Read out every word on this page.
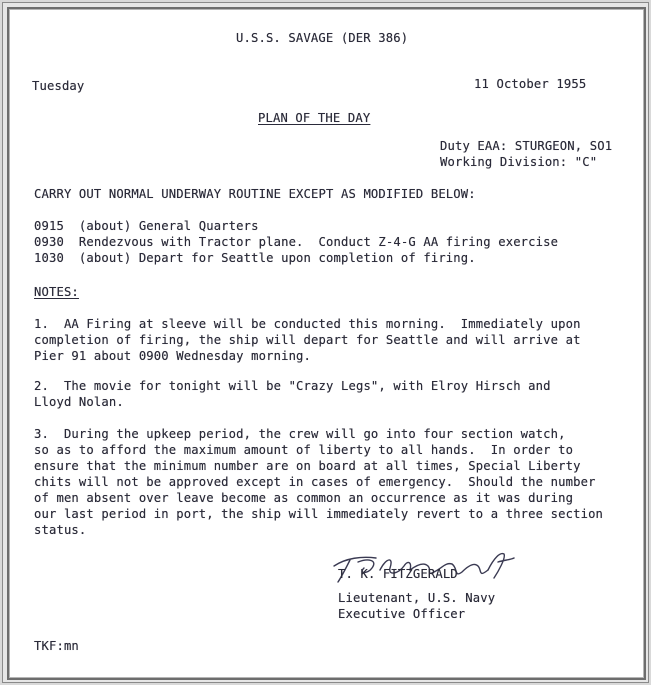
U.S.S. SAVAGE (DER 386)

Tuesday	11 October 1955

PLAN OF THE DAY

Duty EAA: STURGEON, SO1

Working Division: "C"

CARRY OUT NORMAL UNDERWAY ROUTINE EXCEPT AS MODIFIED BELOW:

0915  (about) General Quarters

0930  Rendezvous with Tractor plane.  Conduct Z-4-G AA firing exercise

1030  (about) Depart for Seattle upon completion of firing.

NOTES:

1.  AA Firing at sleeve will be conducted this morning.  Immediately upon

completion of firing, the ship will depart for Seattle and will arrive at

Pier 91 about 0900 Wednesday morning.

2.  The movie for tonight will be "Crazy Legs", with Elroy Hirsch and

Lloyd Nolan.

3.  During the upkeep period, the crew will go into four section watch,

so as to afford the maximum amount of liberty to all hands.  In order to

ensure that the minimum number are on board at all times, Special Liberty

chits will not be approved except in cases of emergency.  Should the number

of men absent over leave become as common an occurrence as it was during

our last period in port, the ship will immediately revert to a three section

status.

T. K. FITZGERALD

Lieutenant, U.S. Navy

Executive Officer

TKF:mn
